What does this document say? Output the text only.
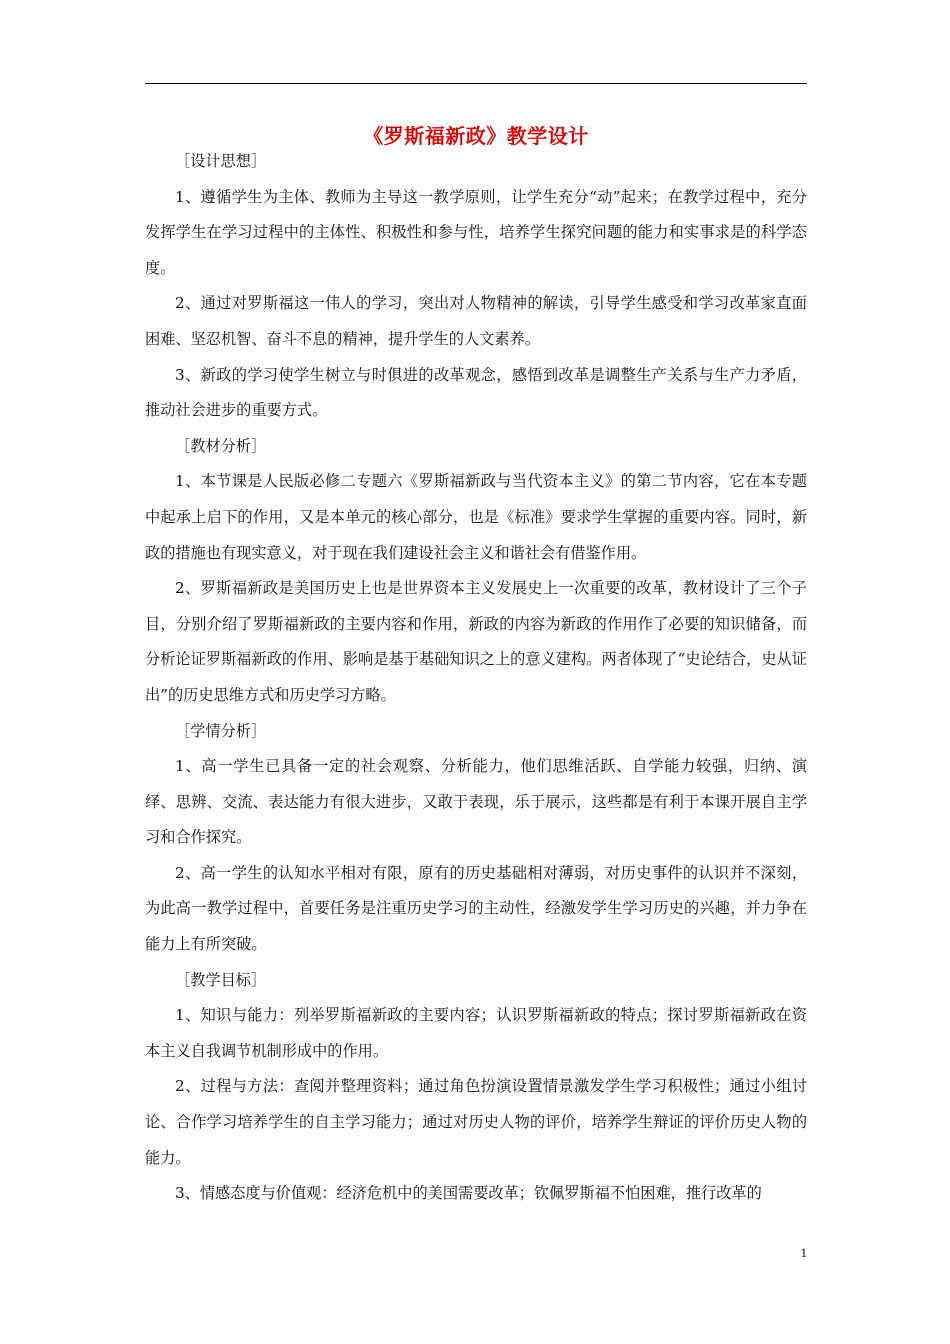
《罗斯福新政》教学设计

［设计思想］

1、遵循学生为主体、教师为主导这一教学原则，让学生充分“动”起来；在教学过程中，充分发挥学生在学习过程中的主体性、积极性和参与性，培养学生探究问题的能力和实事求是的科学态度。

2、通过对罗斯福这一伟人的学习，突出对人物精神的解读，引导学生感受和学习改革家直面困难、坚忍机智、奋斗不息的精神，提升学生的人文素养。

3、新政的学习使学生树立与时俱进的改革观念，感悟到改革是调整生产关系与生产力矛盾，推动社会进步的重要方式。

［教材分析］

1、本节课是人民版必修二专题六《罗斯福新政与当代资本主义》的第二节内容，它在本专题中起承上启下的作用，又是本单元的核心部分，也是《标准》要求学生掌握的重要内容。同时，新政的措施也有现实意义，对于现在我们建设社会主义和谐社会有借鉴作用。

2、罗斯福新政是美国历史上也是世界资本主义发展史上一次重要的改革，教材设计了三个子目，分别介绍了罗斯福新政的主要内容和作用，新政的内容为新政的作用作了必要的知识储备，而分析论证罗斯福新政的作用、影响是基于基础知识之上的意义建构。两者体现了“史论结合，史从证出”的历史思维方式和历史学习方略。

［学情分析］

1、高一学生已具备一定的社会观察、分析能力，他们思维活跃、自学能力较强，归纳、演绎、思辨、交流、表达能力有很大进步，又敢于表现，乐于展示，这些都是有利于本课开展自主学习和合作探究。

2、高一学生的认知水平相对有限，原有的历史基础相对薄弱，对历史事件的认识并不深刻，为此高一教学过程中，首要任务是注重历史学习的主动性，经激发学生学习历史的兴趣，并力争在能力上有所突破。

［教学目标］

1、知识与能力：列举罗斯福新政的主要内容；认识罗斯福新政的特点；探讨罗斯福新政在资本主义自我调节机制形成中的作用。

2、过程与方法：查阅并整理资料；通过角色扮演设置情景激发学生学习积极性；通过小组讨论、合作学习培养学生的自主学习能力；通过对历史人物的评价，培养学生辩证的评价历史人物的能力。

3、情感态度与价值观：经济危机中的美国需要改革；钦佩罗斯福不怕困难，推行改革的

1
